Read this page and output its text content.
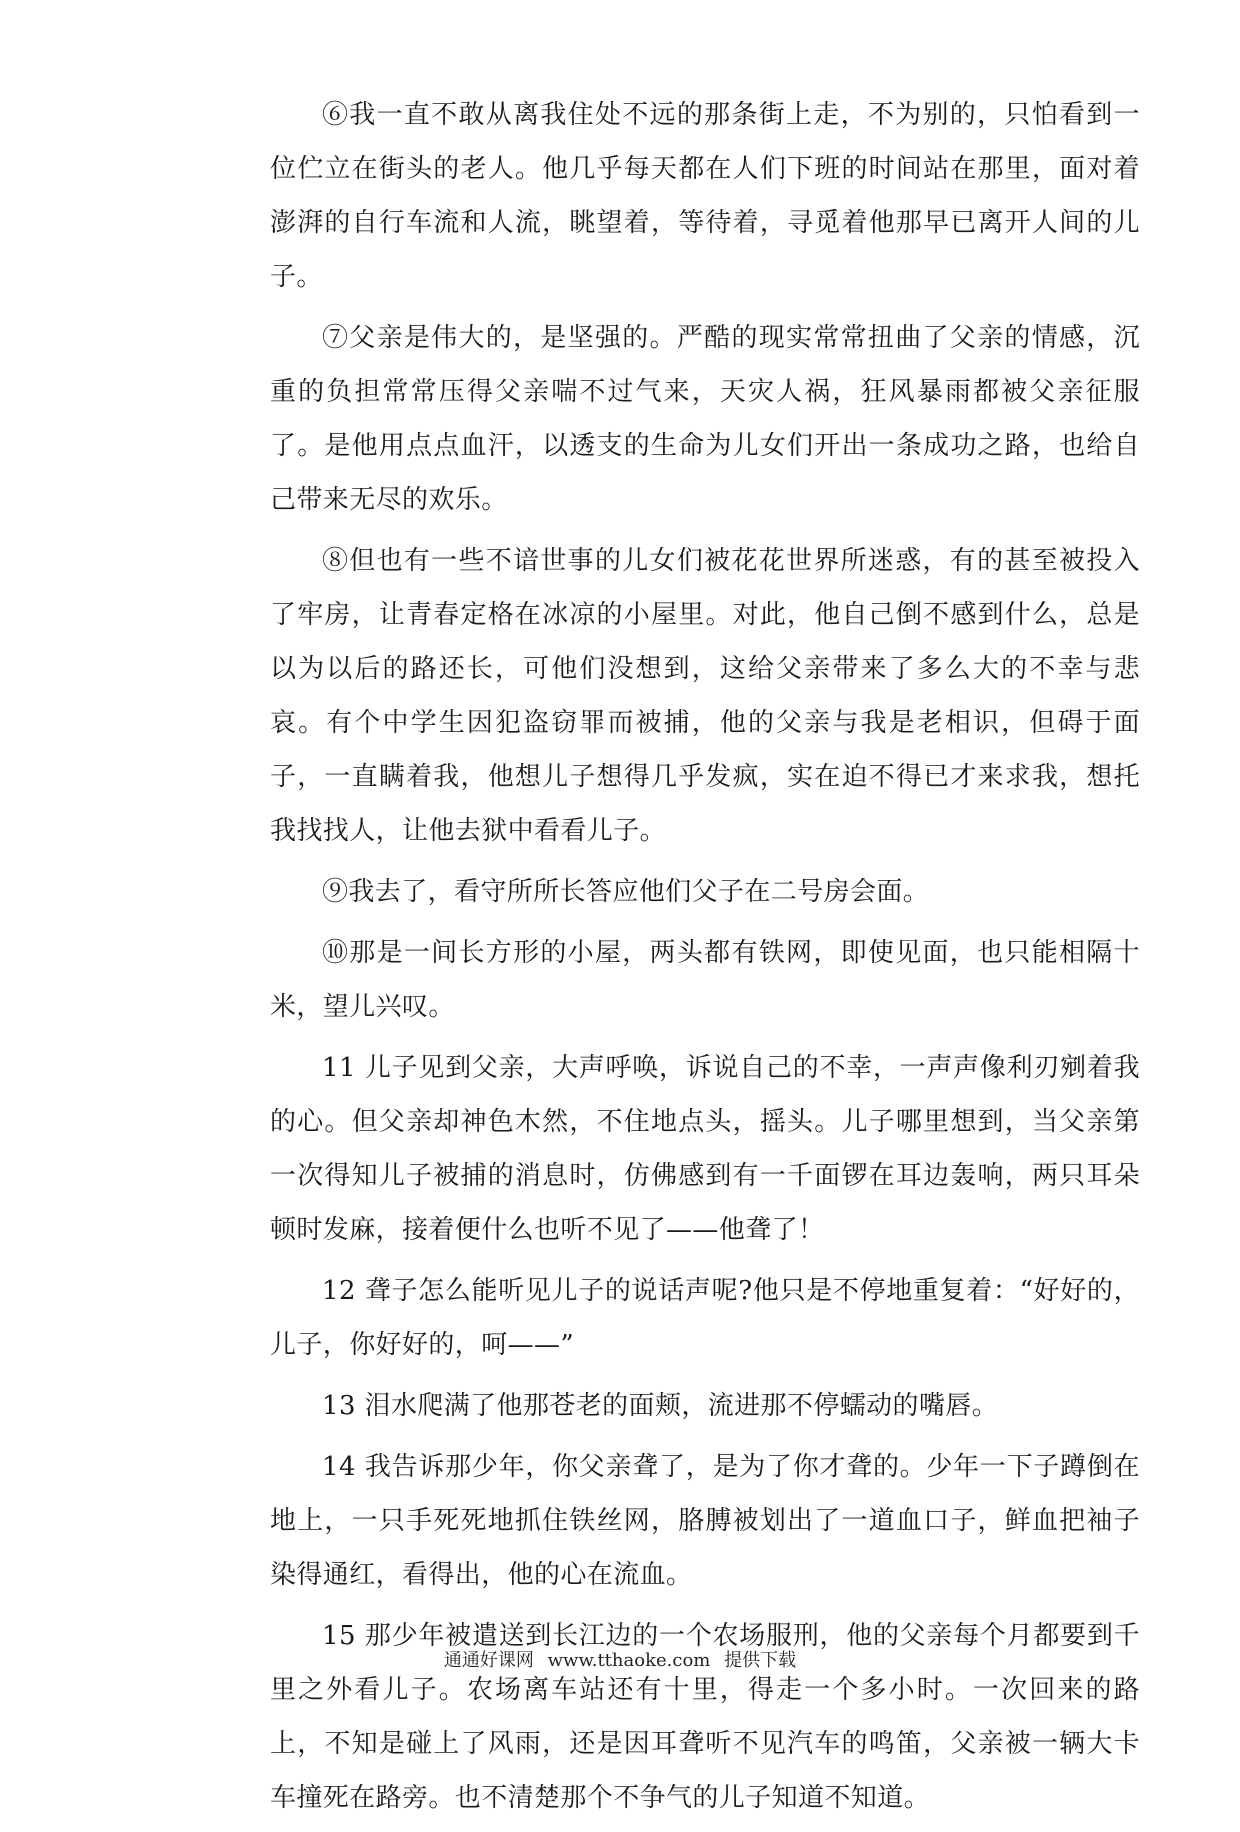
⑥我一直不敢从离我住处不远的那条街上走，不为别的，只怕看到一位伫立在街头的老人。他几乎每天都在人们下班的时间站在那里，面对着澎湃的自行车流和人流，眺望着，等待着，寻觅着他那早已离开人间的儿子。

⑦父亲是伟大的，是坚强的。严酷的现实常常扭曲了父亲的情感，沉重的负担常常压得父亲喘不过气来，天灾人祸，狂风暴雨都被父亲征服了。是他用点点血汗，以透支的生命为儿女们开出一条成功之路，也给自己带来无尽的欢乐。

⑧但也有一些不谙世事的儿女们被花花世界所迷惑，有的甚至被投入了牢房，让青春定格在冰凉的小屋里。对此，他自己倒不感到什么，总是以为以后的路还长，可他们没想到，这给父亲带来了多么大的不幸与悲哀。有个中学生因犯盗窃罪而被捕，他的父亲与我是老相识，但碍于面子，一直瞒着我，他想儿子想得几乎发疯，实在迫不得已才来求我，想托我找找人，让他去狱中看看儿子。

⑨我去了，看守所所长答应他们父子在二号房会面。

⑩那是一间长方形的小屋，两头都有铁网，即使见面，也只能相隔十米，望儿兴叹。

11 儿子见到父亲，大声呼唤，诉说自己的不幸，一声声像利刃剜着我的心。但父亲却神色木然，不住地点头，摇头。儿子哪里想到，当父亲第一次得知儿子被捕的消息时，仿佛感到有一千面锣在耳边轰响，两只耳朵顿时发麻，接着便什么也听不见了——他聋了！

12 聋子怎么能听见儿子的说话声呢?他只是不停地重复着：“好好的，儿子，你好好的，呵——”

13 泪水爬满了他那苍老的面颊，流进那不停蠕动的嘴唇。

14 我告诉那少年，你父亲聋了，是为了你才聋的。少年一下子蹲倒在地上，一只手死死地抓住铁丝网，胳膊被划出了一道血口子，鲜血把袖子染得通红，看得出，他的心在流血。

15 那少年被遣送到长江边的一个农场服刑，他的父亲每个月都要到千里之外看儿子。农场离车站还有十里，得走一个多小时。一次回来的路上，不知是碰上了风雨，还是因耳聋听不见汽车的鸣笛，父亲被一辆大卡车撞死在路旁。也不清楚那个不争气的儿子知道不知道。

通通好课网 www.tthaoke.com 提供下载
